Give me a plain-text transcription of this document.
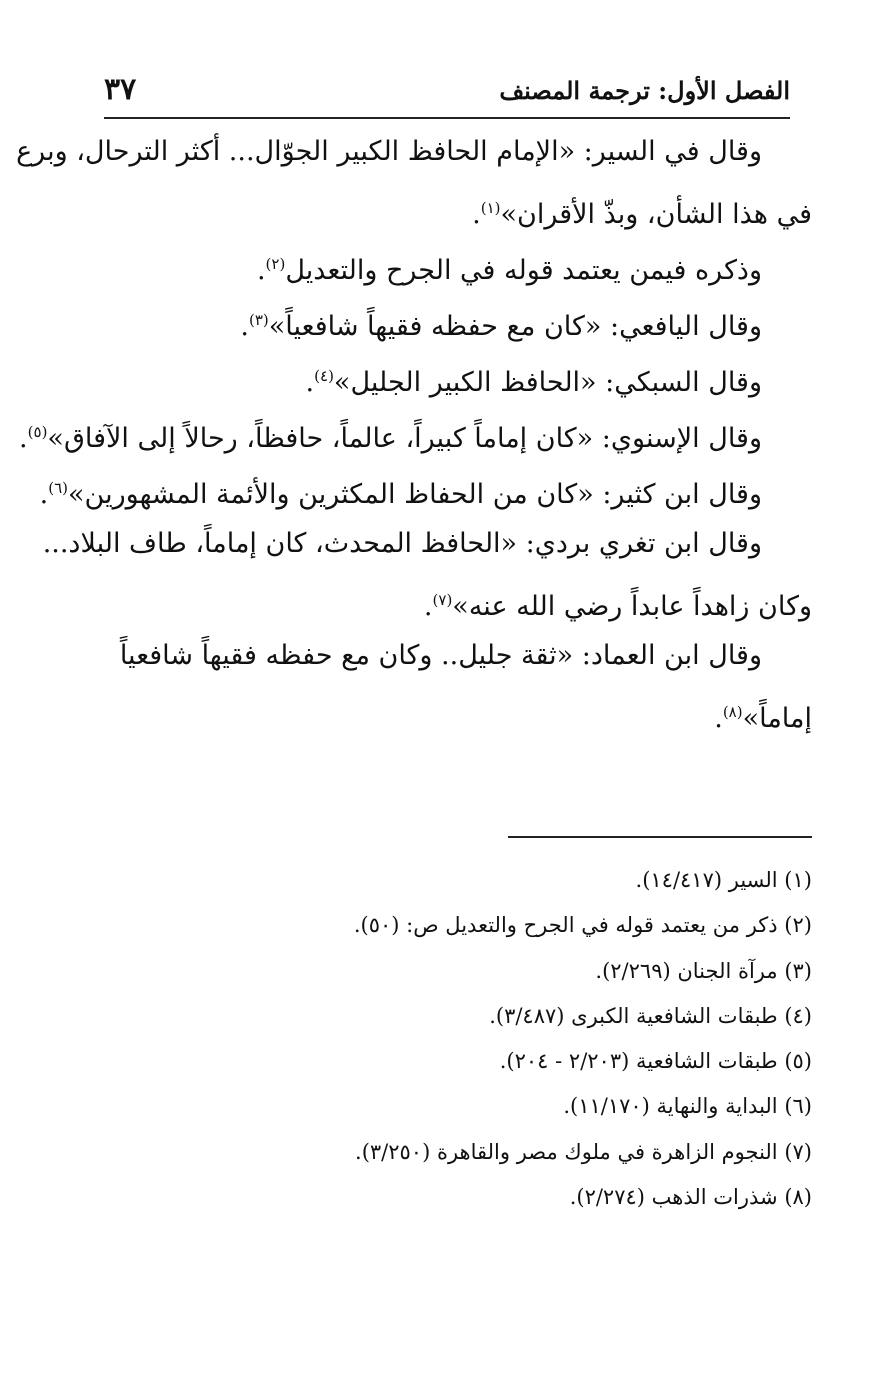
الفصل الأول: ترجمة المصنف
٣٧
وقال في السير: «الإمام الحافظ الكبير الجوّال... أكثر الترحال، وبرع
في هذا الشأن، وبذّ الأقران»$^{(١)}$.
وذكره فيمن يعتمد قوله في الجرح والتعديل$^{(٢)}$.
وقال اليافعي: «كان مع حفظه فقيهاً شافعياً»$^{(٣)}$.
وقال السبكي: «الحافظ الكبير الجليل»$^{(٤)}$.
وقال الإسنوي: «كان إماماً كبيراً، عالماً، حافظاً، رحالاً إلى الآفاق»$^{(٥)}$.
وقال ابن كثير: «كان من الحفاظ المكثرين والأئمة المشهورين»$^{(٦)}$.
وقال ابن تغري بردي: «الحافظ المحدث، كان إماماً، طاف البلاد...
وكان زاهداً عابداً رضي الله عنه»$^{(٧)}$.
وقال ابن العماد: «ثقة جليل.. وكان مع حفظه فقيهاً شافعياً
إماماً»$^{(٨)}$.
(١) السير (١٤/٤١٧).
(٢) ذكر من يعتمد قوله في الجرح والتعديل ص: (٥٠).
(٣) مرآة الجنان (٢/٢٦٩).
(٤) طبقات الشافعية الكبرى (٣/٤٨٧).
(٥) طبقات الشافعية (٢/٢٠٣ - ٢٠٤).
(٦) البداية والنهاية (١١/١٧٠).
(٧) النجوم الزاهرة في ملوك مصر والقاهرة (٣/٢٥٠).
(٨) شذرات الذهب (٢/٢٧٤).
